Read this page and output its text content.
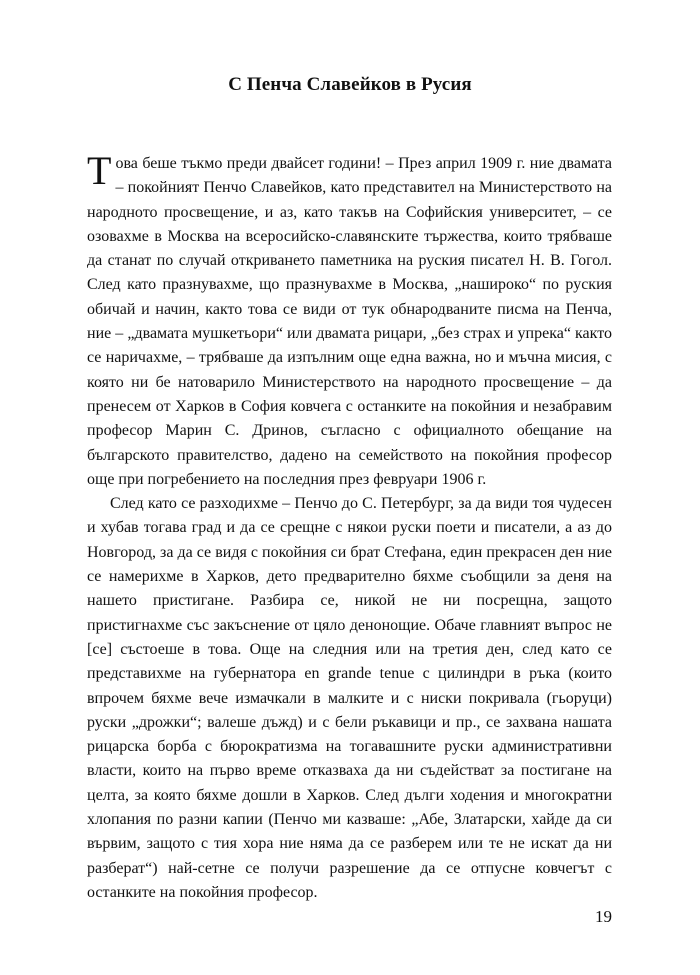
С Пенча Славейков в Русия

Това беше тъкмо преди двайсет години! – През април 1909 г. ние двамата – покойният Пенчо Славейков, като представител на Министерството на народното просвещение, и аз, като такъв на Софийския университет, – се озовахме в Москва на всеросийско-славянските тържества, които трябваше да станат по случай откриването паметника на руския писател Н. В. Гогол. След като празнувахме, що празнувахме в Москва, „нашироко“ по руския обичай и начин, както това се види от тук обнародваните писма на Пенча, ние – „двамата мушкетьори“ или двамата рицари, „без страх и упрека“ както се наричахме, – трябваше да изпълним още една важна, но и мъчна мисия, с която ни бе натоварило Министерството на народното просвещение – да пренесем от Харков в София ковчега с останките на покойния и незабравим професор Марин С. Дринов, съгласно с официалното обещание на българското правителство, дадено на семейството на покойния професор още при погребението на последния през февруари 1906 г.

След като се разходихме – Пенчо до С. Петербург, за да види тоя чудесен и хубав тогава град и да се срещне с някои руски поети и писатели, а аз до Новгород, за да се видя с покойния си брат Стефана, един прекрасен ден ние се намерихме в Харков, дето предварително бяхме съобщили за деня на нашето пристигане. Разбира се, никой не ни посрещна, защото пристигнахме със закъснение от цяло денонощие. Обаче главният въпрос не [се] състоеше в това. Още на следния или на третия ден, след като се представихме на губернатора en grande tenue с цилиндри в ръка (които впрочем бяхме вече измачкали в малките и с ниски покривала (гьоруци) руски „дрожки“; валеше дъжд) и с бели ръкавици и пр., се захвана нашата рицарска борба с бюрократизма на тогавашните руски административни власти, които на първо време отказваха да ни съдействат за постигане на целта, за която бяхме дошли в Харков. След дълги ходения и многократни хлопания по разни капии (Пенчо ми казваше: „Абе, Златарски, хайде да си вървим, защото с тия хора ние няма да се разберем или те не искат да ни разберат“) най-сетне се получи разрешение да се отпусне ковчегът с останките на покойния професор.

19
